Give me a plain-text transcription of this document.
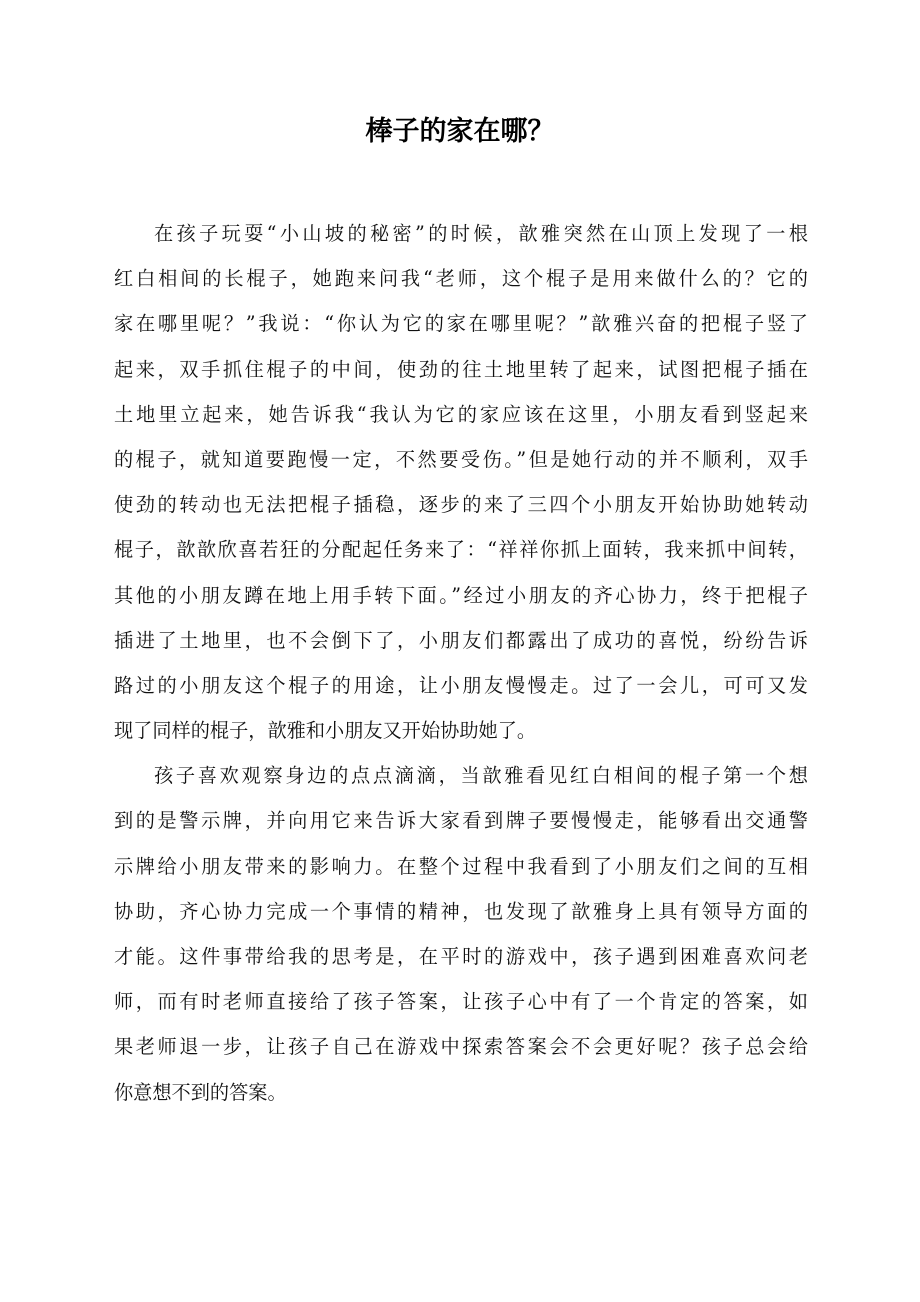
棒子的家在哪？
在孩子玩耍“小山坡的秘密”的时候，歆雅突然在山顶上发现了一根
红白相间的长棍子，她跑来问我“老师，这个棍子是用来做什么的？它的
家在哪里呢？”我说：“你认为它的家在哪里呢？”歆雅兴奋的把棍子竖了
起来，双手抓住棍子的中间，使劲的往土地里转了起来，试图把棍子插在
土地里立起来，她告诉我“我认为它的家应该在这里，小朋友看到竖起来
的棍子，就知道要跑慢一定，不然要受伤。”但是她行动的并不顺利，双手
使劲的转动也无法把棍子插稳，逐步的来了三四个小朋友开始协助她转动
棍子，歆歆欣喜若狂的分配起任务来了：“祥祥你抓上面转，我来抓中间转，
其他的小朋友蹲在地上用手转下面。”经过小朋友的齐心协力，终于把棍子
插进了土地里，也不会倒下了，小朋友们都露出了成功的喜悦，纷纷告诉
路过的小朋友这个棍子的用途，让小朋友慢慢走。过了一会儿，可可又发
现了同样的棍子，歆雅和小朋友又开始协助她了。
孩子喜欢观察身边的点点滴滴，当歆雅看见红白相间的棍子第一个想
到的是警示牌，并向用它来告诉大家看到牌子要慢慢走，能够看出交通警
示牌给小朋友带来的影响力。在整个过程中我看到了小朋友们之间的互相
协助，齐心协力完成一个事情的精神，也发现了歆雅身上具有领导方面的
才能。这件事带给我的思考是，在平时的游戏中，孩子遇到困难喜欢问老
师，而有时老师直接给了孩子答案，让孩子心中有了一个肯定的答案，如
果老师退一步，让孩子自己在游戏中探索答案会不会更好呢？孩子总会给
你意想不到的答案。
